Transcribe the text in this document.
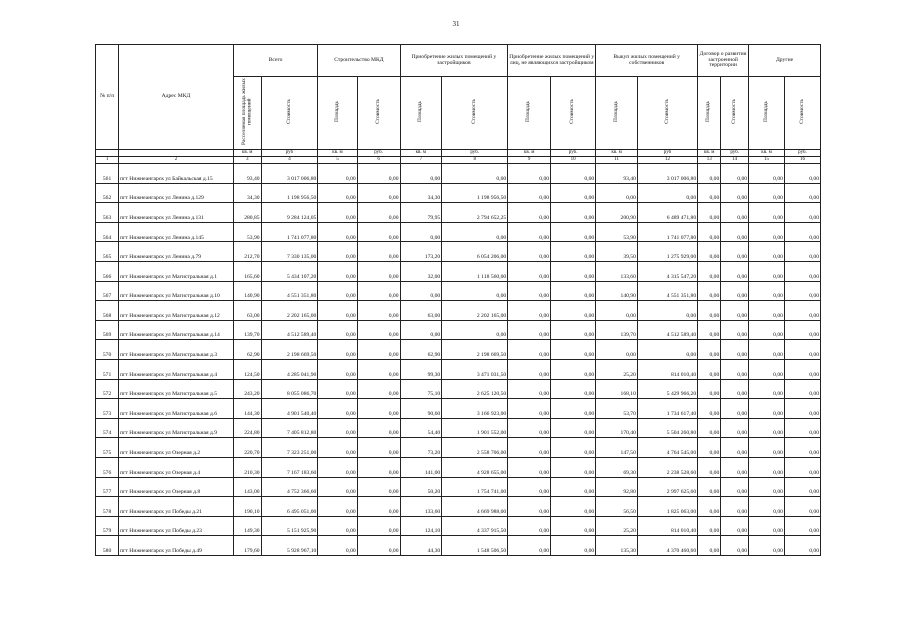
31
№ п/п	Адрес МКД	Всего		Строительство МКД		Приобретение жилых помещений у застройщиков		Приобретение жилых помещений у лиц, не являющихся застройщиком		Выкуп жилых помещений у собственников		Договор о развитии застроенной территории		Другие	
		Расселяемая площадь жилых помещений	Стоимость	Площадь	Стоимость	Площадь	Стоимость	Площадь	Стоимость	Площадь	Стоимость	Площадь	Стоимость	Площадь	Стоимость
		кв. м	руб	кв. м	руб.	кв. м	руб.	кв. м	руб.	кв. м	руб	кв. м	руб.	кв. м	руб.
1	2	3	4	5	6	7	8	9	10	11	12	13	14	15	16
561	пгт Нижнеангарск ул Байкальская д.15	93,40	3 017 006,80	0,00	0,00	0,00	0,00	0,00	0,00	93,40	3 017 006,80	0,00	0,00	0,00	0,00
562	пгт Нижнеангарск ул Ленина д.129	34,30	1 198 956,50	0,00	0,00	34,30	1 198 956,50	0,00	0,00	0,00	0,00	0,00	0,00	0,00	0,00
563	пгт Нижнеангарск ул Ленина д.131	280,85	9 284 124,05	0,00	0,00	79,95	2 794 652,25	0,00	0,00	200,90	6 489 471,80	0,00	0,00	0,00	0,00
564	пгт Нижнеангарск ул Ленина д.145	53,90	1 741 077,80	0,00	0,00	0,00	0,00	0,00	0,00	53,90	1 741 077,80	0,00	0,00	0,00	0,00
565	пгт Нижнеангарск ул Ленина д.79	212,70	7 330 135,00	0,00	0,00	173,20	6 054 206,00	0,00	0,00	39,50	1 275 929,00	0,00	0,00	0,00	0,00
566	пгт Нижнеангарск ул Магистральная д.1	165,60	5 434 107,20	0,00	0,00	32,00	1 118 560,00	0,00	0,00	133,60	4 315 547,20	0,00	0,00	0,00	0,00
567	пгт Нижнеангарск ул Магистральная д.10	140,90	4 551 351,80	0,00	0,00	0,00	0,00	0,00	0,00	140,90	4 551 351,80	0,00	0,00	0,00	0,00
568	пгт Нижнеангарск ул Магистральная д.12	63,00	2 202 165,00	0,00	0,00	63,00	2 202 165,00	0,00	0,00	0,00	0,00	0,00	0,00	0,00	0,00
569	пгт Нижнеангарск ул Магистральная д.14	139,70	4 512 589,40	0,00	0,00	0,00	0,00	0,00	0,00	139,70	4 512 589,40	0,00	0,00	0,00	0,00
570	пгт Нижнеангарск ул Магистральная д.3	62,90	2 198 669,50	0,00	0,00	62,90	2 198 669,50	0,00	0,00	0,00	0,00	0,00	0,00	0,00	0,00
571	пгт Нижнеангарск ул Магистральная д.4	124,50	4 285 041,90	0,00	0,00	99,30	3 471 031,50	0,00	0,00	25,20	814 010,40	0,00	0,00	0,00	0,00
572	пгт Нижнеангарск ул Магистральная д.5	243,20	8 055 086,70	0,00	0,00	75,10	2 625 120,50	0,00	0,00	168,10	5 429 966,20	0,00	0,00	0,00	0,00
573	пгт Нижнеангарск ул Магистральная д.6	144,30	4 901 540,40	0,00	0,00	90,60	3 166 923,00	0,00	0,00	53,70	1 734 617,40	0,00	0,00	0,00	0,00
574	пгт Нижнеангарск ул Магистральная д.9	224,80	7 405 812,80	0,00	0,00	54,40	1 901 552,00	0,00	0,00	170,40	5 504 260,80	0,00	0,00	0,00	0,00
575	пгт Нижнеангарск ул Озерная д.2	220,70	7 323 251,00	0,00	0,00	73,20	2 558 706,00	0,00	0,00	147,50	4 764 545,00	0,00	0,00	0,00	0,00
576	пгт Нижнеангарск ул Озерная д.4	210,30	7 167 183,60	0,00	0,00	141,00	4 928 655,00	0,00	0,00	69,30	2 238 528,60	0,00	0,00	0,00	0,00
577	пгт Нижнеангарск ул Озерная д.8	143,00	4 752 366,60	0,00	0,00	50,20	1 754 741,00	0,00	0,00	92,80	2 997 625,60	0,00	0,00	0,00	0,00
578	пгт Нижнеангарск ул Победы д.21	190,10	6 495 051,00	0,00	0,00	133,60	4 669 988,00	0,00	0,00	56,50	1 825 063,00	0,00	0,00	0,00	0,00
579	пгт Нижнеангарск ул Победы д.23	149,30	5 151 925,90	0,00	0,00	124,10	4 337 915,50	0,00	0,00	25,20	814 010,40	0,00	0,00	0,00	0,00
580	пгт Нижнеангарск ул Победы д.49	179,60	5 928 967,10	0,00	0,00	44,30	1 548 506,50	0,00	0,00	135,30	4 370 460,60	0,00	0,00	0,00	0,00
